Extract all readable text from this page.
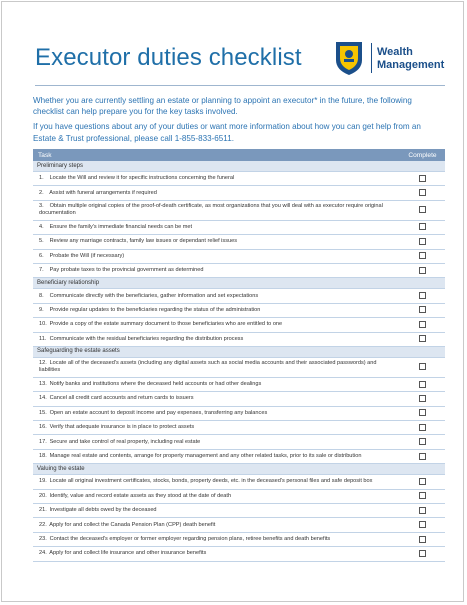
Executor duties checklist	Wealth
Management

Whether you are currently settling an estate or planning to appoint an executor* in the future, the following checklist can help prepare you for the key tasks involved.

If you have questions about any of your duties or want more information about how you can get help from an Estate & Trust professional, please call 1-855-833-6511.

Task	Complete
Preliminary steps	
1. Locate the Will and review it for specific instructions concerning the funeral	
2. Assist with funeral arrangements if required	
3. Obtain multiple original copies of the proof-of-death certificate, as most organizations that you will deal with as executor require original documentation	
4. Ensure the family's immediate financial needs can be met	
5. Review any marriage contracts, family law issues or dependant relief issues	
6. Probate the Will (if necessary)	
7. Pay probate taxes to the provincial government as determined	
Beneficiary relationship	
8. Communicate directly with the beneficiaries, gather information and set expectations	
9. Provide regular updates to the beneficiaries regarding the status of the administration	
10. Provide a copy of the estate summary document to those beneficiaries who are entitled to one	
11. Communicate with the residual beneficiaries regarding the distribution process	
Safeguarding the estate assets	
12. Locate all of the deceased's assets (including any digital assets such as social media accounts and their associated passwords) and liabilities	
13. Notify banks and institutions where the deceased held accounts or had other dealings	
14. Cancel all credit card accounts and return cards to issuers	
15. Open an estate account to deposit income and pay expenses, transferring any balances	
16. Verify that adequate insurance is in place to protect assets	
17. Secure and take control of real property, including real estate	
18. Manage real estate and contents, arrange for property management and any other related tasks, prior to its sale or distribution	
Valuing the estate	
19. Locate all original investment certificates, stocks, bonds, property deeds, etc. in the deceased's personal files and safe deposit box	
20. Identify, value and record estate assets as they stood at the date of death	
21. Investigate all debts owed by the deceased	
22. Apply for and collect the Canada Pension Plan (CPP) death benefit	
23. Contact the deceased's employer or former employer regarding pension plans, retiree benefits and death benefits	
24. Apply for and collect life insurance and other insurance benefits	
